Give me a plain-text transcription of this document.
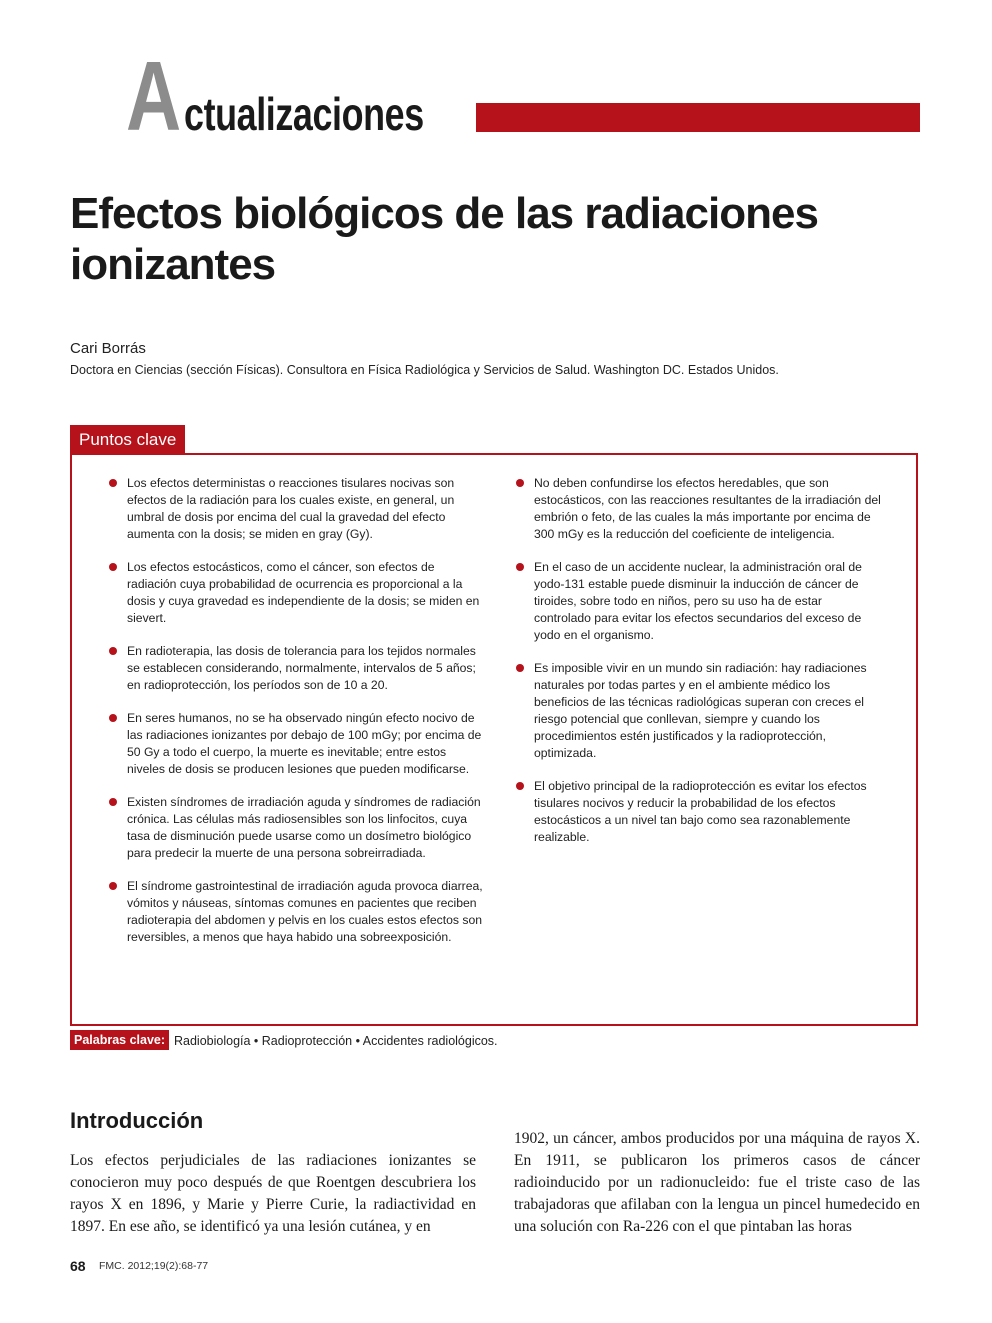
A ctualizaciones
Efectos biológicos de las radiaciones ionizantes
Cari Borrás
Doctora en Ciencias (sección Físicas). Consultora en Física Radiológica y Servicios de Salud. Washington DC. Estados Unidos.
Puntos clave
Los efectos deterministas o reacciones tisulares nocivas son efectos de la radiación para los cuales existe, en general, un umbral de dosis por encima del cual la gravedad del efecto aumenta con la dosis; se miden en gray (Gy).
Los efectos estocásticos, como el cáncer, son efectos de radiación cuya probabilidad de ocurrencia es proporcional a la dosis y cuya gravedad es independiente de la dosis; se miden en sievert.
En radioterapia, las dosis de tolerancia para los tejidos normales se establecen considerando, normalmente, intervalos de 5 años; en radioprotección, los períodos son de 10 a 20.
En seres humanos, no se ha observado ningún efecto nocivo de las radiaciones ionizantes por debajo de 100 mGy; por encima de 50 Gy a todo el cuerpo, la muerte es inevitable; entre estos niveles de dosis se producen lesiones que pueden modificarse.
Existen síndromes de irradiación aguda y síndromes de radiación crónica. Las células más radiosensibles son los linfocitos, cuya tasa de disminución puede usarse como un dosímetro biológico para predecir la muerte de una persona sobreirradiada.
El síndrome gastrointestinal de irradiación aguda provoca diarrea, vómitos y náuseas, síntomas comunes en pacientes que reciben radioterapia del abdomen y pelvis en los cuales estos efectos son reversibles, a menos que haya habido una sobreexposición.
No deben confundirse los efectos heredables, que son estocásticos, con las reacciones resultantes de la irradiación del embrión o feto, de las cuales la más importante por encima de 300 mGy es la reducción del coeficiente de inteligencia.
En el caso de un accidente nuclear, la administración oral de yodo-131 estable puede disminuir la inducción de cáncer de tiroides, sobre todo en niños, pero su uso ha de estar controlado para evitar los efectos secundarios del exceso de yodo en el organismo.
Es imposible vivir en un mundo sin radiación: hay radiaciones naturales por todas partes y en el ambiente médico los beneficios de las técnicas radiológicas superan con creces el riesgo potencial que conllevan, siempre y cuando los procedimientos estén justificados y la radioprotección, optimizada.
El objetivo principal de la radioprotección es evitar los efectos tisulares nocivos y reducir la probabilidad de los efectos estocásticos a un nivel tan bajo como sea razonablemente realizable.
Palabras clave: Radiobiología • Radioprotección • Accidentes radiológicos.
Introducción
Los efectos perjudiciales de las radiaciones ionizantes se conocieron muy poco después de que Roentgen descubriera los rayos X en 1896, y Marie y Pierre Curie, la radiactividad en 1897. En ese año, se identificó ya una lesión cutánea, y en
1902, un cáncer, ambos producidos por una máquina de rayos X. En 1911, se publicaron los primeros casos de cáncer radioinducido por un radionucleido: fue el triste caso de las trabajadoras que afilaban con la lengua un pincel humedecido en una solución con Ra-226 con el que pintaban las horas
68 FMC. 2012;19(2):68-77
